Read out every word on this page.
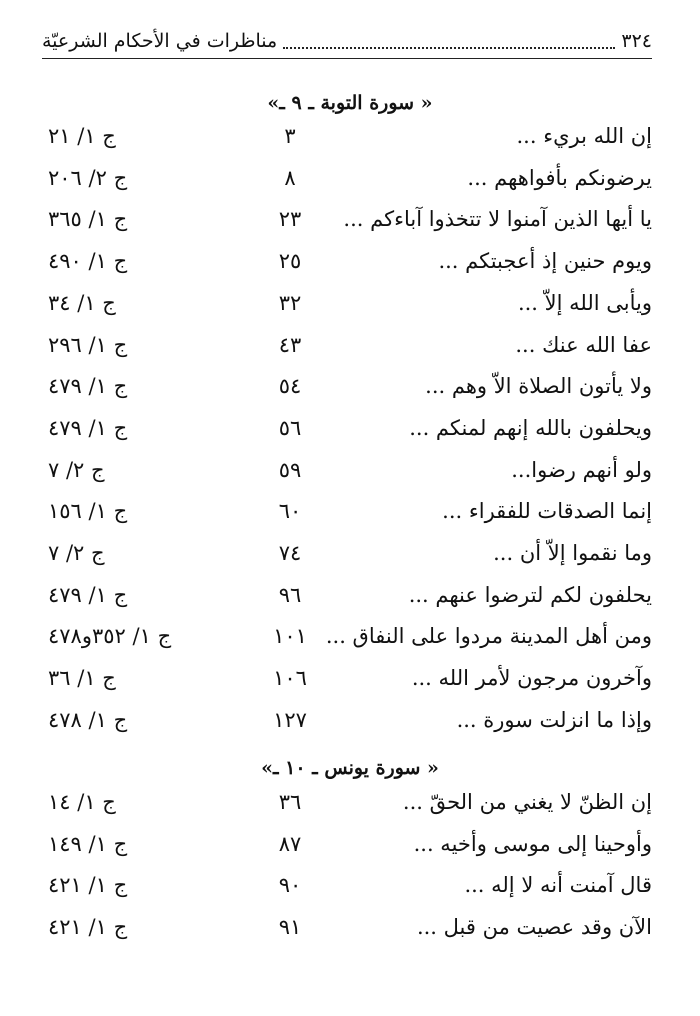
٣٢٤
مناظرات في الأحكام الشرعيّة
« سورة التوبة ـ ٩ ـ»
إن الله بريء ...
٣
ج ١/ ٢١
يرضونكم بأفواههم ...
٨
ج ٢/ ٢٠٦
يا أيها الذين آمنوا لا تتخذوا آباءكم ...
٢٣
ج ١/ ٣٦٥
ويوم حنين إذ أعجبتكم ...
٢٥
ج ١/ ٤٩٠
ويأبى الله إلاّ ...
٣٢
ج ١/ ٣٤
عفا الله عنك ...
٤٣
ج ١/ ٢٩٦
ولا يأتون الصلاة الاّ وهم ...
٥٤
ج ١/ ٤٧٩
ويحلفون بالله إنهم لمنكم ...
٥٦
ج ١/ ٤٧٩
ولو أنهم رضوا...
٥٩
ج ٢/ ٧
إنما الصدقات للفقراء ...
٦٠
ج ١/ ١٥٦
وما نقموا إلاّ أن ...
٧٤
ج ٢/ ٧
يحلفون لكم لترضوا عنهم ...
٩٦
ج ١/ ٤٧٩
ومن أهل المدينة مردوا على النفاق ...
١٠١
ج ١/ ٣٥٢و٤٧٨
وآخرون مرجون لأمر الله ...
١٠٦
ج ١/ ٣٦
وإذا ما انزلت سورة ...
١٢٧
ج ١/ ٤٧٨
« سورة يونس ـ ١٠ ـ»
إن الظنّ لا يغني من الحقّ ...
٣٦
ج ١/ ١٤
وأوحينا إلى موسى وأخيه ...
٨٧
ج ١/ ١٤٩
قال آمنت أنه لا إله ...
٩٠
ج ١/ ٤٢١
الآن وقد عصيت من قبل ...
٩١
ج ١/ ٤٢١
